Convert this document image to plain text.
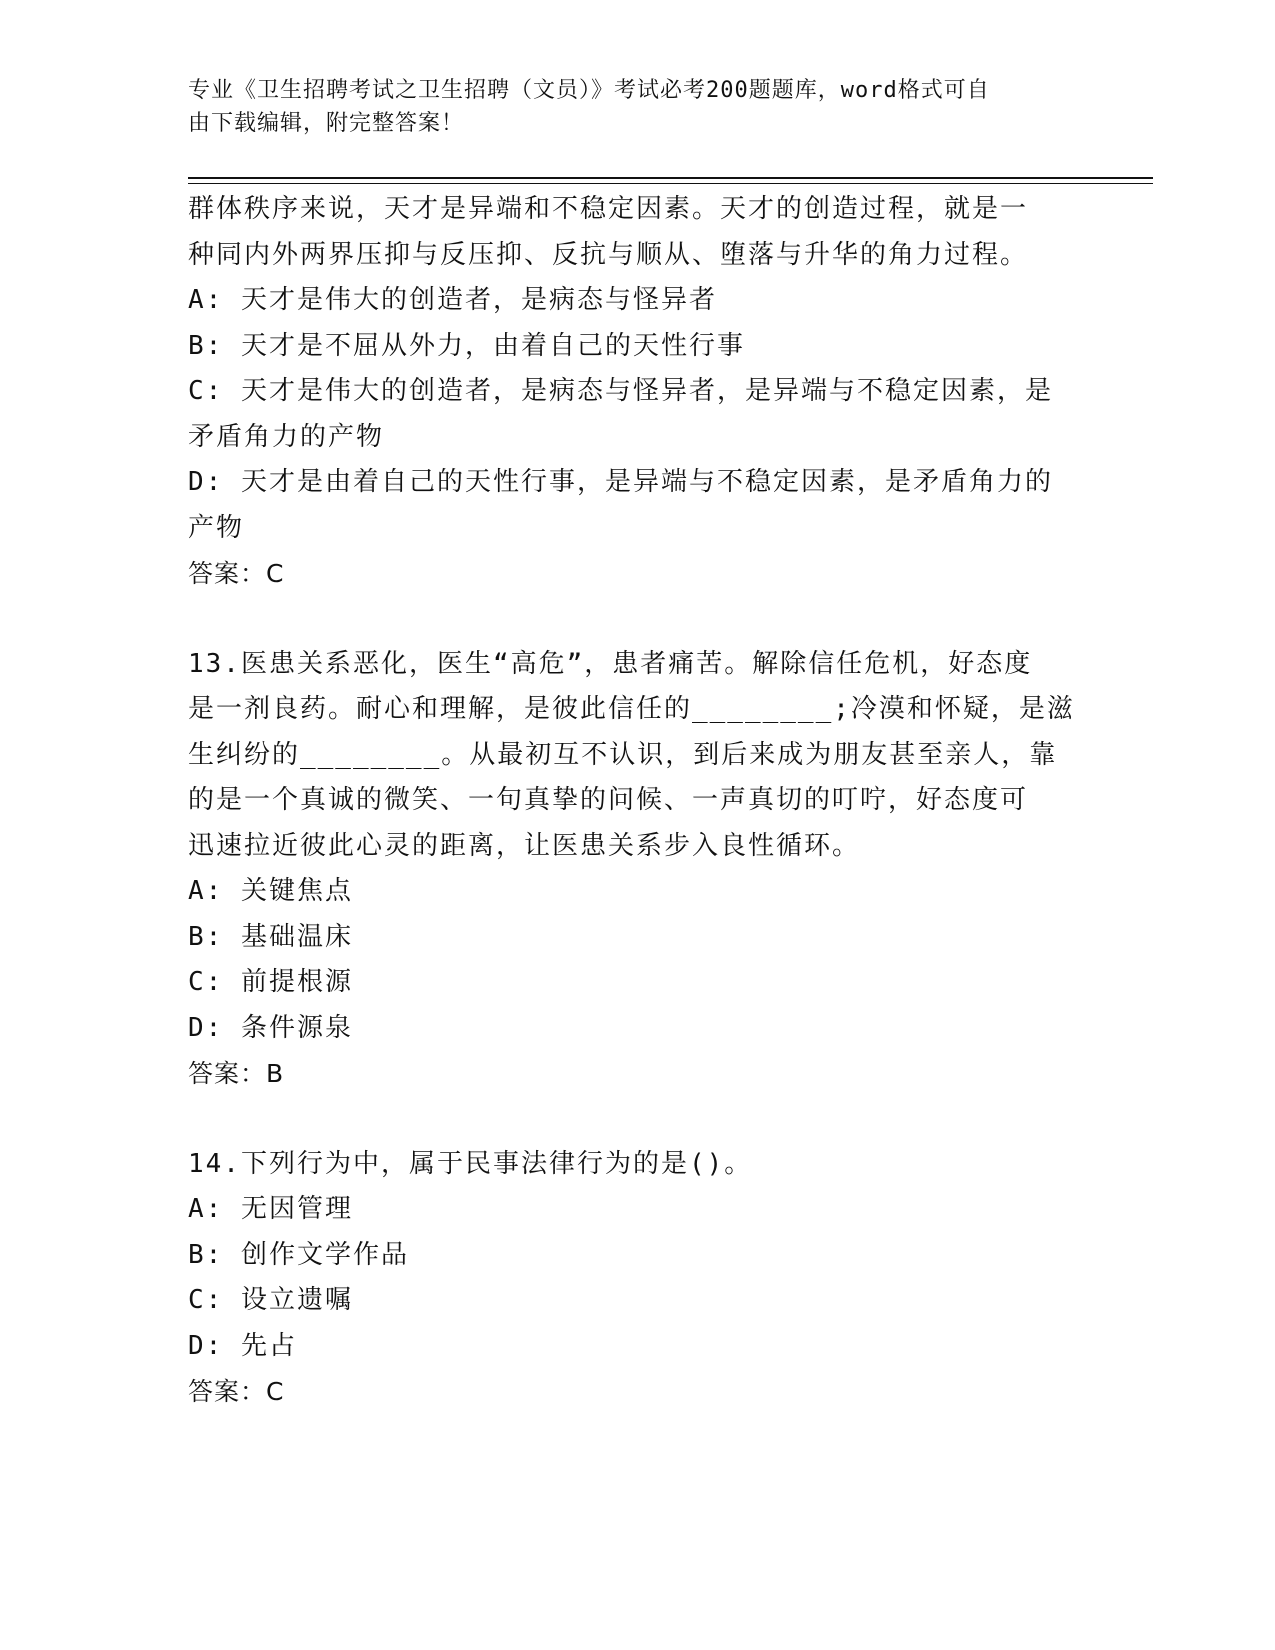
专业《卫生招聘考试之卫生招聘（文员）》考试必考200题题库，word格式可自
由下载编辑，附完整答案！
群体秩序来说，天才是异端和不稳定因素。天才的创造过程，就是一
种同内外两界压抑与反压抑、反抗与顺从、堕落与升华的角力过程。
A: 天才是伟大的创造者，是病态与怪异者
B: 天才是不屈从外力，由着自己的天性行事
C: 天才是伟大的创造者，是病态与怪异者，是异端与不稳定因素，是
矛盾角力的产物
D: 天才是由着自己的天性行事，是异端与不稳定因素，是矛盾角力的
产物
答案：C
13.医患关系恶化，医生“高危”，患者痛苦。解除信任危机，好态度
是一剂良药。耐心和理解，是彼此信任的________;冷漠和怀疑，是滋
生纠纷的________。从最初互不认识，到后来成为朋友甚至亲人，靠
的是一个真诚的微笑、一句真挚的问候、一声真切的叮咛，好态度可
迅速拉近彼此心灵的距离，让医患关系步入良性循环。
A: 关键焦点
B: 基础温床
C: 前提根源
D: 条件源泉
答案：B
14.下列行为中，属于民事法律行为的是()。
A: 无因管理
B: 创作文学作品
C: 设立遗嘱
D: 先占
答案：C
